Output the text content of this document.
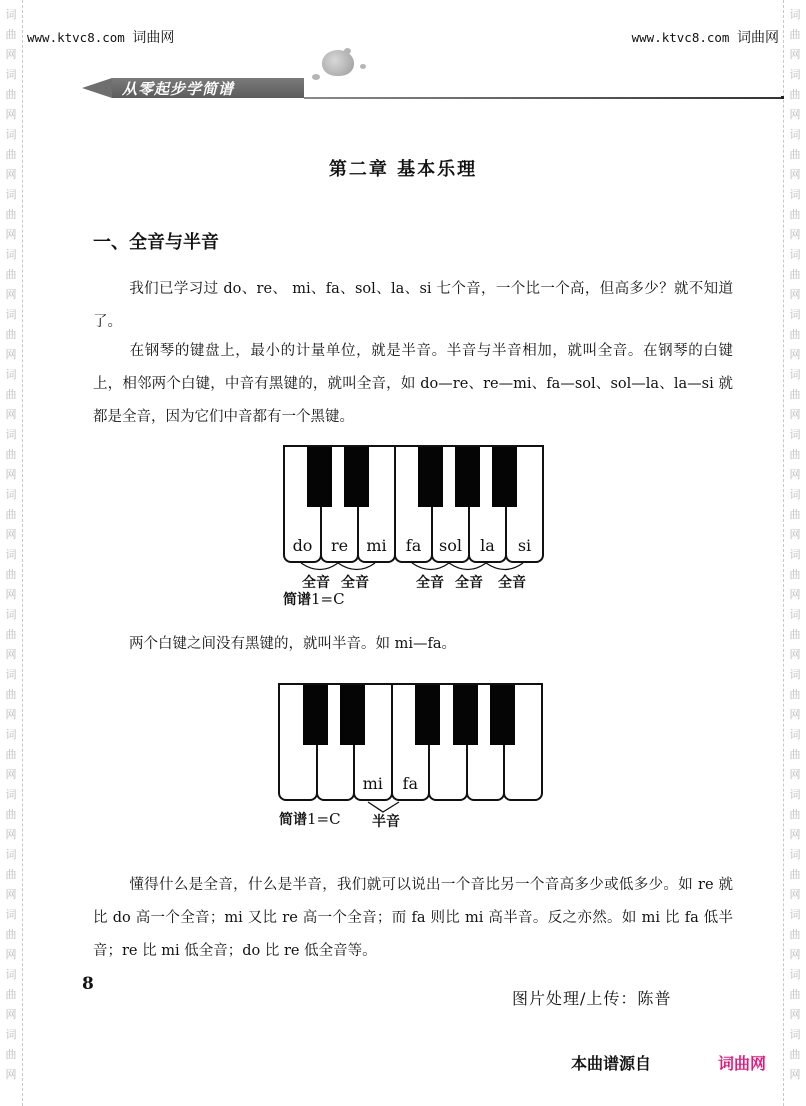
词
曲
网
词
曲
网
词
曲
网
词
曲
网
词
曲
网
词
曲
网
词
曲
网
词
曲
网
词
曲
网
词
曲
网
词
曲
网
词
曲
网
词
曲
网
词
曲
网
词
曲
网
词
曲
网
词
曲
网
词
曲
网
词
曲
网
词
曲
网
词
曲
网
词
曲
网
词
曲
网
词
曲
网
词
曲
网
词
曲
网
词
曲
网
词
曲
网
词
曲
网
词
曲
网
词
曲
网
词
曲
网
词
曲
网
词
曲
网
词
曲
网
词
曲
网
www.ktvc8.com 词曲网	www.ktvc8.com 词曲网
从零起步学简谱
第二章 基本乐理
一、全音与半音
我们已学习过 do、re、 mi、fa、sol、la、si 七个音，一个比一个高，但高多少？就不知道了。
在钢琴的键盘上，最小的计量单位，就是半音。半音与半音相加，就叫全音。在钢琴的白键上，相邻两个白键，中音有黑键的，就叫全音，如 do—re、re—mi、fa—sol、sol—la、la—si 就都是全音，因为它们中音都有一个黑键。
do re mi fa sol la si
全音 全音	全音 全音 全音
简谱1=C
两个白键之间没有黑键的，就叫半音。如 mi—fa。
mi fa
简谱1=C 半音
懂得什么是全音，什么是半音，我们就可以说出一个音比另一个音高多少或低多少。如 re 就比 do 高一个全音；mi 又比 re 高一个全音；而 fa 则比 mi 高半音。反之亦然。如 mi 比 fa 低半音；re 比 mi 低全音；do 比 re 低全音等。
8
图片处理/上传：陈普
本曲谱源自	词曲网
